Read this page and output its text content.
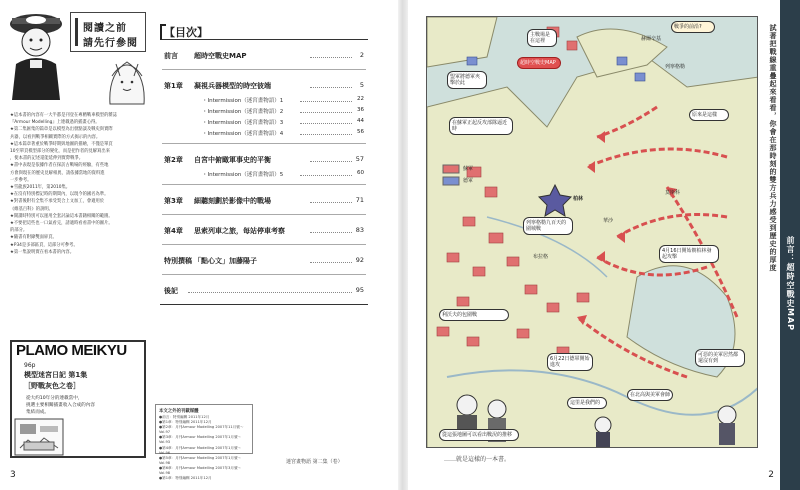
閱讀之前
請先行參閱
★這本書的內容有一大半都是刊登在專精戰車模型的雜誌
『Armour Modelling』上連載過的插畫心得。
★第二集匯集的篇章是以模型為出發點談及戰史與實際
兵器，以看到戰爭相關實際的方式揭示的內容。
★這本篇章著重於戰爭時期與地圖的描繪，不僅是單頁
10至單頁模型部分的變化，而是把作者的見解寫出來
，使本書的記述還能延伸到實際戰爭。
★書中表現是依據作者在探訪古戰場的經驗，有些地
方會與現在的歷史見解相異，請依據當地的資料進
一步參考。
★雪龍族2011年，第2010集。
★在沒有特別標記時的期間內，以現今的國名為準。
★對書後附有全集不承受契合上文加工，會適用於
《維基百科》的說明。
★開讀時特別可以運用全套討論這本書籍相關的範圍。
★不要把這些也一口氣看完，請適時看看書中的圖片。
的部分。
★隨書有附錄雙面扉頁。
★P34是多部區頁，這部分可參考。
★第一集說明實在看本書的內容。
【目次】
前言 超時空戰史MAP	2
第1章 凝視兵器模型的時空彼端	5
・Intermission（迷宮畫物語）1	22
・Intermission（迷宮畫物語）2	36
・Intermission（迷宮畫物語）3	44
・Intermission（迷宮畫物語）4	56
第2章 自宮中俯瞰軍事史的平衡	57
・Intermission（迷宮畫物語）5	60
第3章 細聽刻劃於影像中的戰場	71
第4章 思索列車之旅，每站停車考察	83
特別撰稿 「點心文」加藤陽子	92
後記	95
本文之外的刊載媒體
●前言：特別編輯 2011年12月
●第1章：特別編輯 2011年12月
●第2章：月刊Armour Modelling 2007年11月號～Vol.97
●第3章：月刊Armour Modelling 2007年1月號～Vol.93
●第4章：月刊Armour Modelling 2007年1月號～Vol.96
●第5章：月刊Armour Modelling 2007年1月號～Vol.98
●第6章：月刊Armour Modelling 2007年3月號～Vol.98
●第1章：特別編輯 2011年12月
迷宮畫物語 第二集（卷）
PLAMO MEIKYU
96p
模型迷宮日記 第1集
［野戰灰色之卷］
從大約10年分的連載當中，
挑選主要相關插畫收入合成的內容
集結而成。
3
莫斯科
柏林
列寧格勒
蘇軍
德軍
赫爾辛基
布拉格
華沙
盟軍將德軍夾擊於此
主戰場是在這裡
在蘇軍正起反攻部隊逼近時
4月16日開始朝柏林發起攻擊
6月22日德軍開始進攻
利沃夫的包圍戰
列寧格勒九百天的圍城戰
原來是這樣
可惡的美軍居然都還沒有到
在北高與美軍會師
從這張地圖可以看出戰況的推移
這里是我們的
戰爭的前沿?
超時空戰史MAP	試著把戰線重疊起來看看，你會在那時刻的雙方兵力感受到歷史的厚度
前言：超時空戰史MAP
……就是這樣的一本書。
2
